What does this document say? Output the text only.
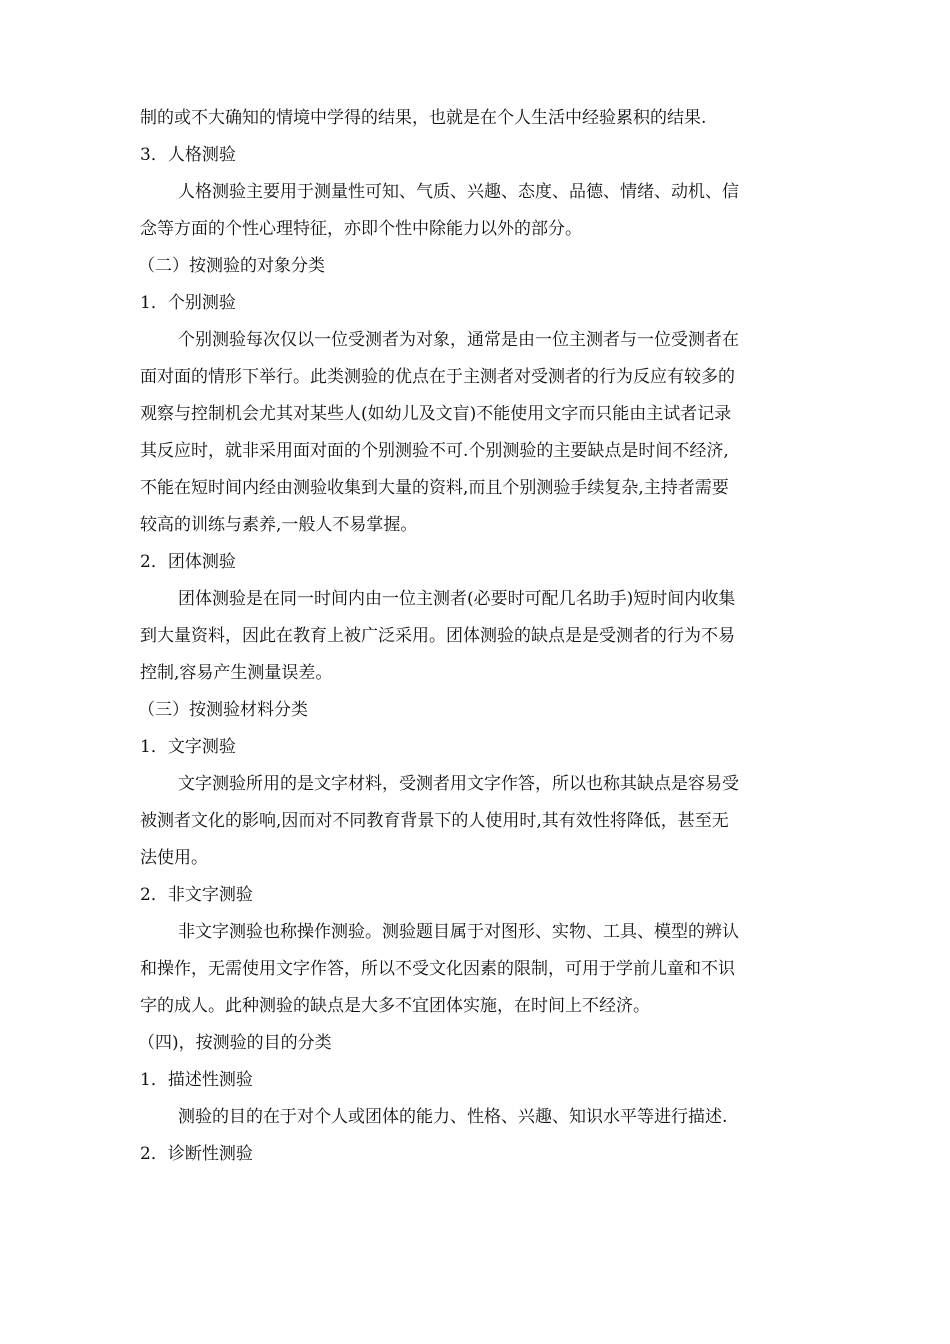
制的或不大确知的情境中学得的结果，也就是在个人生活中经验累积的结果.
3．人格测验
人格测验主要用于测量性可知、气质、兴趣、态度、品德、情绪、动机、信
念等方面的个性心理特征，亦即个性中除能力以外的部分。
（二）按测验的对象分类
1．个别测验
个别测验每次仅以一位受测者为对象，通常是由一位主测者与一位受测者在
面对面的情形下举行。此类测验的优点在于主测者对受测者的行为反应有较多的
观察与控制机会尤其对某些人(如幼儿及文盲)不能使用文字而只能由主试者记录
其反应时，就非采用面对面的个别测验不可.个别测验的主要缺点是时间不经济,
不能在短时间内经由测验收集到大量的资料,而且个别测验手续复杂,主持者需要
较高的训练与素养,一般人不易掌握。
2．团体测验
团体测验是在同一时间内由一位主测者(必要时可配几名助手)短时间内收集
到大量资料，因此在教育上被广泛采用。团体测验的缺点是是受测者的行为不易
控制,容易产生测量误差。
（三）按测验材料分类
1．文字测验
文字测验所用的是文字材料，受测者用文字作答，所以也称其缺点是容易受
被测者文化的影响,因而对不同教育背景下的人使用时,其有效性将降低，甚至无
法使用。
2．非文字测验
非文字测验也称操作测验。测验题目属于对图形、实物、工具、模型的辨认
和操作，无需使用文字作答，所以不受文化因素的限制，可用于学前儿童和不识
字的成人。此种测验的缺点是大多不宜团体实施，在时间上不经济。
（四)，按测验的目的分类
1．描述性测验
测验的目的在于对个人或团体的能力、性格、兴趣、知识水平等进行描述.
2．诊断性测验
